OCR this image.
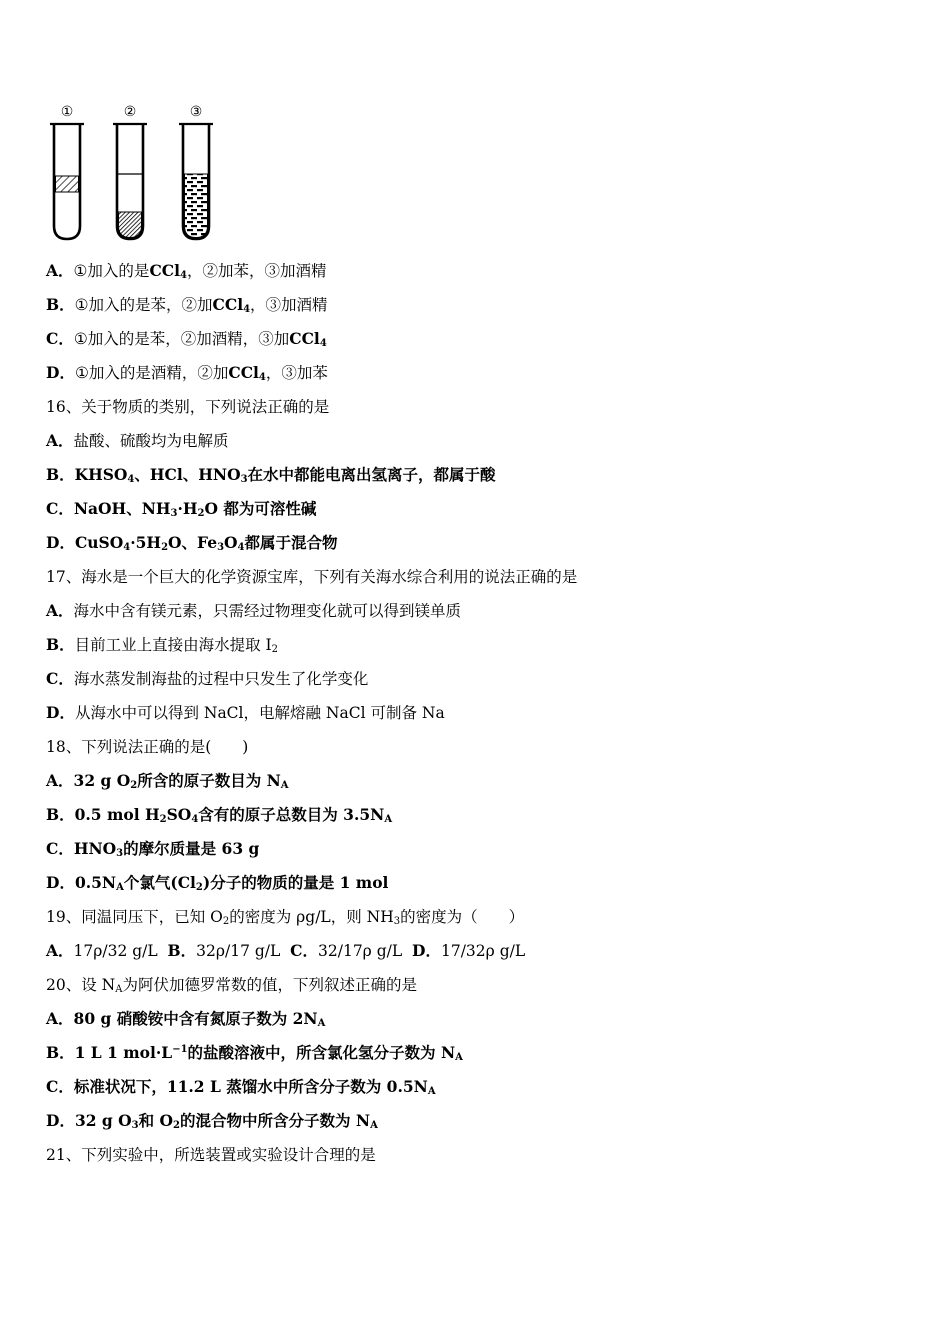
①	②	③
A．①加入的是CCl$_4$，②加苯，③加酒精
B．①加入的是苯，②加CCl$_4$，③加酒精
C．①加入的是苯，②加酒精，③加CCl$_4$
D．①加入的是酒精，②加CCl$_4$，③加苯
16、关于物质的类别，下列说法正确的是
A．盐酸、硫酸均为电解质
B．$KHSO_4$、HCl、$HNO_3$在水中都能电离出氢离子，都属于酸
C．NaOH、$NH_3\cdot H_2O$ 都为可溶性碱
D．$CuSO_4\cdot 5H_2O$、$Fe_3O_4$都属于混合物
17、海水是一个巨大的化学资源宝库，下列有关海水综合利用的说法正确的是
A．海水中含有镁元素，只需经过物理变化就可以得到镁单质
B．目前工业上直接由海水提取 $I_2$
C．海水蒸发制海盐的过程中只发生了化学变化
D．从海水中可以得到 NaCl，电解熔融 NaCl 可制备 Na
18、下列说法正确的是(　　)
A．32 g $O_2$所含的原子数目为 $N_A$
B．0.5 mol $H_2SO_4$含有的原子总数目为 $3.5N_A$
C．$HNO_3$的摩尔质量是 63 g
D．$0.5N_A$个氯气$(Cl_2)$分子的物质的量是 1 mol
19、同温同压下，已知 $O_2$的密度为 ρg/L，则 $NH_3$的密度为（　　）
A．17ρ/32 g/L B．32ρ/17 g/L C．32/17ρ g/L D．17/32ρ g/L
20、设 $N_A$为阿伏加德罗常数的值，下列叙述正确的是
A．80 g 硝酸铵中含有氮原子数为 $2N_A$
B．1 L 1 $mol\cdot L^{-1}$的盐酸溶液中，所含氯化氢分子数为 $N_A$
C．标准状况下，11.2 L 蒸馏水中所含分子数为 $0.5N_A$
D．32 g $O_3$和 $O_2$的混合物中所含分子数为 $N_A$
21、下列实验中，所选装置或实验设计合理的是
